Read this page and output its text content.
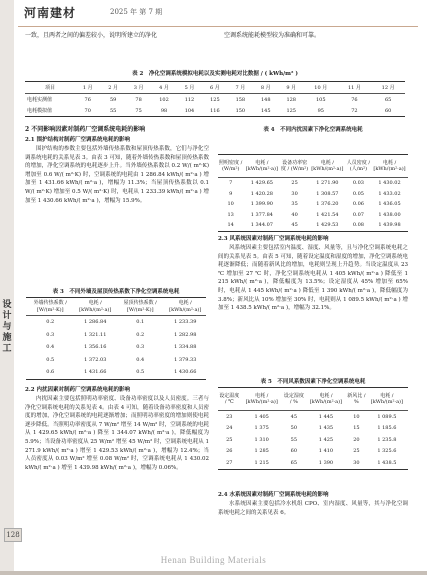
设计与施工
河南建材	2025 年 第 7 期
一致，且两者之间的偏差较小，说明所建立的净化	空调系统能耗模型较为准确和可靠。
表 2　净化空调系统模拟电耗以及实测电耗对比数据 / ( kWh/m² )
项目	1 月	2 月	3 月	4 月	5 月	6 月	7 月	8 月	9 月	10 月	11 月	12 月
电耗实测值	76	59	78	102	112	125	158	148	128	105	76	65
电耗模拟值	70	55	75	98	104	116	150	145	125	95	72	60
2 不同影响因素对制药厂空调系统电耗的影响
2.1 围护结构对制药厂空调系统电耗的影响
围护结构的参数主要包括外墙传热系数和屋顶传热系数，它们与净化空调系统电耗的关系见表 3。由表 3 可知，随着外墙传热系数和屋顶传热系数的增加，净化空调系统的电耗逐步上升。当外墙传热系数以 0.2 W/( m²·K) 增加至 0.6 W/( m²·K) 时，空调系统的电耗由 1 286.84 kWh/( m²·a ) 增加至 1 431.66 kWh/( m²·a )，增幅为 11.3%；当屋顶传热系数以 0.1 W/( m²·K) 增加至 0.5 W/( m²·K) 时，电耗从 1 233.39 kWh/( m²·a ) 增加至 1 430.66 kWh/( m²·a )，增幅为 15.9%。
表 3　不同外墙及屋顶传热系数下净化空调系统电耗
外墙传热系数 / [W/(m²·K)]	电耗 / [kWh/(m²·a)]	屋顶传热系数 / [W/(m²·K)]	电耗 / [kWh/(m²·a)]
0.2	1 286.84	0.1	1 233.39
0.3	1 321.11	0.2	1 282.98
0.4	1 356.16	0.3	1 334.88
0.5	1 372.03	0.4	1 379.33
0.6	1 431.66	0.5	1 430.66
2.2 内扰因素对制药厂空调系统电耗的影响
内扰因素主要包括照明功率密度、设备功率密度以及人员密度。三者与净化空调系统电耗的关系见表 4。由表 4 可知，随着设备功率密度和人员密度的增加，净化空调系统的电耗逐渐增加；而照明功率密度的增加则使电耗逐步降低。当照明功率密度从 7 W/m² 增至 14 W/m² 时，空调系统的电耗从 1 429.65 kWh/( m²·a ) 降至 1 344.07 kWh/( m²·a )，降低幅度为 5.9%；当设备功率密度从 25 W/m² 增至 45 W/m² 时，空调系统电耗从 1 271.9 kWh/( m²·a ) 增至 1 429.53 kWh/( m²·a )，增幅为 12.4%；当人员密度从 0.03 W/m² 增至 0.08 W/m² 时，空调系统电耗从 1 430.02 kWh/( m²·a ) 增至 1 439.98 kWh/( m²·a )，增幅为 0.06%。
表 4　不同内扰因素下净化空调系统电耗
照明密度 / (W/m²)	电耗 / [kWh/(m²·a)]	设备功率密度 / (W/m²)	电耗 / [kWh/(m²·a)]	人员密度 / (人/m²)	电耗 / [kWh/(m²·a)]
7	1 429.65	25	1 271.90	0.03	1 430.02
9	1 420.28	30	1 308.57	0.05	1 433.02
10	1 399.90	35	1 376.20	0.06	1 436.05
13	1 377.84	40	1 421.54	0.07	1 438.00
14	1 344.07	45	1 429.53	0.08	1 439.98
2.3 风系统因素对制药厂空调系统电耗的影响
风系统因素主要包括室内温度、湿度、风量等，且与净化空调系统电耗之间的关系见表 5。由表 5 可知，随着设定温度和湿度的增加，净化空调系统电耗逐渐降低；而随着新风比的增加，电耗则呈现上升趋势。当设定温度从 23 ℃ 增加至 27 ℃ 时，净化空调系统电耗从 1 405 kWh/( m²·a ) 降低至 1 215 kWh/( m²·a )，降低幅度为 13.5%；设定湿度从 45% 增加至 65% 时，电耗从 1 445 kWh/( m²·a ) 降低至 1 390 kWh/( m²·a )，降低幅度为 3.8%；新风比从 10% 增加至 30% 时，电耗则从 1 089.5 kWh/( m²·a ) 增加至 1 438.5 kWh/( m²·a )，增幅为 32.1%。
表 5　不同风系数因素下净化空调系统电耗
设定温度 / ℃	电耗 / [kWh/(m²·a)]	设定湿度 / %	电耗 / [kWh/(m²·a)]	新风比 / %	电耗 / [kWh/(m²·a)]
23	1 405	45	1 445	10	1 089.5
24	1 375	50	1 435	15	1 185.6
25	1 310	55	1 425	20	1 235.8
26	1 285	60	1 410	25	1 325.6
27	1 215	65	1 390	30	1 438.5
2.4 水系统因素对制药厂空调系统电耗的影响
水系统因素主要包括冷水机组 CPO、室内湿度、风量等，其与净化空调系统电耗之间的关系见表 6。
128
Henan Building Materials
